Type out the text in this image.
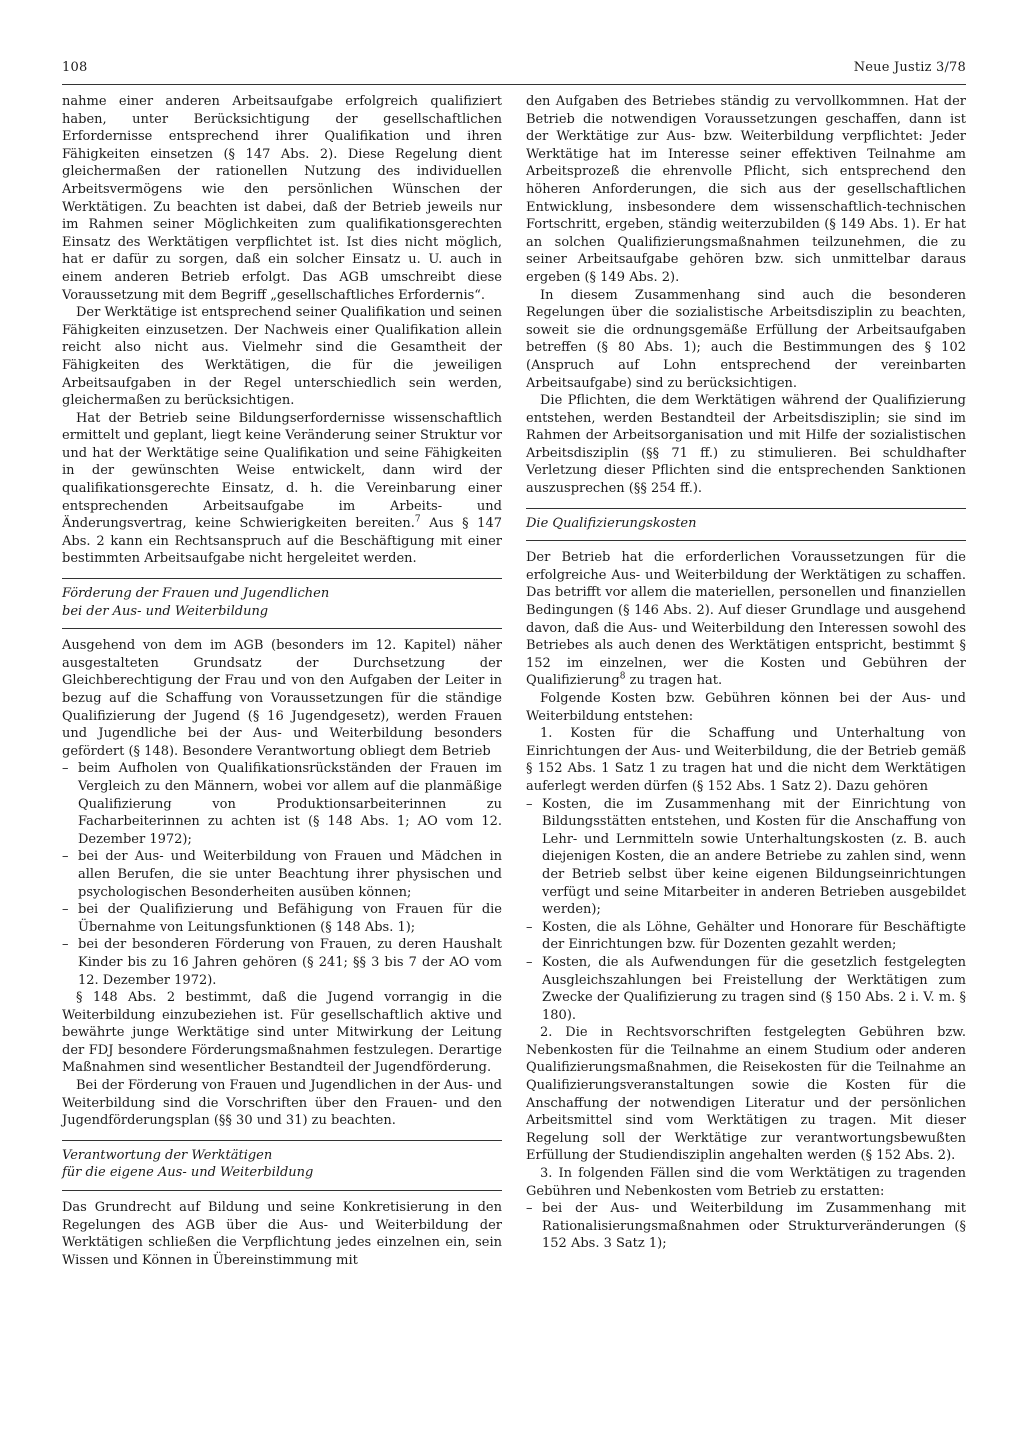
108	Neue Justiz 3/78

nahme einer anderen Arbeitsaufgabe erfolgreich qualifiziert haben, unter Berücksichtigung der gesellschaftlichen Erfordernisse entsprechend ihrer Qualifikation und ihren Fähigkeiten einsetzen (§ 147 Abs. 2). Diese Regelung dient gleichermaßen der rationellen Nutzung des individuellen Arbeitsvermögens wie den persönlichen Wünschen der Werktätigen. Zu beachten ist dabei, daß der Betrieb jeweils nur im Rahmen seiner Möglichkeiten zum qualifikationsgerechten Einsatz des Werktätigen verpflichtet ist. Ist dies nicht möglich, hat er dafür zu sorgen, daß ein solcher Einsatz u. U. auch in einem anderen Betrieb erfolgt. Das AGB umschreibt diese Voraussetzung mit dem Begriff „gesellschaftliches Erfordernis“.

Der Werktätige ist entsprechend seiner Qualifikation und seinen Fähigkeiten einzusetzen. Der Nachweis einer Qualifikation allein reicht also nicht aus. Vielmehr sind die Gesamtheit der Fähigkeiten des Werktätigen, die für die jeweiligen Arbeitsaufgaben in der Regel unterschiedlich sein werden, gleichermaßen zu berücksichtigen.

Hat der Betrieb seine Bildungserfordernisse wissenschaftlich ermittelt und geplant, liegt keine Veränderung seiner Struktur vor und hat der Werktätige seine Qualifikation und seine Fähigkeiten in der gewünschten Weise entwickelt, dann wird der qualifikationsgerechte Einsatz, d. h. die Vereinbarung einer entsprechenden Arbeitsaufgabe im Arbeits- und Änderungsvertrag, keine Schwierigkeiten bereiten.$^7$ Aus § 147 Abs. 2 kann ein Rechtsanspruch auf die Beschäftigung mit einer bestimmten Arbeitsaufgabe nicht hergeleitet werden.

Förderung der Frauen und Jugendlichen

bei der Aus- und Weiterbildung

Ausgehend von dem im AGB (besonders im 12. Kapitel) näher ausgestalteten Grundsatz der Durchsetzung der Gleichberechtigung der Frau und von den Aufgaben der Leiter in bezug auf die Schaffung von Voraussetzungen für die ständige Qualifizierung der Jugend (§ 16 Jugendgesetz), werden Frauen und Jugendliche bei der Aus- und Weiterbildung besonders gefördert (§ 148). Besondere Verantwortung obliegt dem Betrieb

– beim Aufholen von Qualifikationsrückständen der Frauen im Vergleich zu den Männern, wobei vor allem auf die planmäßige Qualifizierung von Produktionsarbeiterinnen zu Facharbeiterinnen zu achten ist (§ 148 Abs. 1; AO vom 12. Dezember 1972);
– bei der Aus- und Weiterbildung von Frauen und Mädchen in allen Berufen, die sie unter Beachtung ihrer physischen und psychologischen Besonderheiten ausüben können;
– bei der Qualifizierung und Befähigung von Frauen für die Übernahme von Leitungsfunktionen (§ 148 Abs. 1);
– bei der besonderen Förderung von Frauen, zu deren Haushalt Kinder bis zu 16 Jahren gehören (§ 241; §§ 3 bis 7 der AO vom 12. Dezember 1972).

§ 148 Abs. 2 bestimmt, daß die Jugend vorrangig in die Weiterbildung einzubeziehen ist. Für gesellschaftlich aktive und bewährte junge Werktätige sind unter Mitwirkung der Leitung der FDJ besondere Förderungsmaßnahmen festzulegen. Derartige Maßnahmen sind wesentlicher Bestandteil der Jugendförderung.

Bei der Förderung von Frauen und Jugendlichen in der Aus- und Weiterbildung sind die Vorschriften über den Frauen- und den Jugendförderungsplan (§§ 30 und 31) zu beachten.

Verantwortung der Werktätigen

für die eigene Aus- und Weiterbildung

Das Grundrecht auf Bildung und seine Konkretisierung in den Regelungen des AGB über die Aus- und Weiterbildung der Werktätigen schließen die Verpflichtung jedes einzelnen ein, sein Wissen und Können in Übereinstimmung mit

den Aufgaben des Betriebes ständig zu vervollkommnen. Hat der Betrieb die notwendigen Voraussetzungen geschaffen, dann ist der Werktätige zur Aus- bzw. Weiterbildung verpflichtet: Jeder Werktätige hat im Interesse seiner effektiven Teilnahme am Arbeitsprozeß die ehrenvolle Pflicht, sich entsprechend den höheren Anforderungen, die sich aus der gesellschaftlichen Entwicklung, insbesondere dem wissenschaftlich-technischen Fortschritt, ergeben, ständig weiterzubilden (§ 149 Abs. 1). Er hat an solchen Qualifizierungsmaßnahmen teilzunehmen, die zu seiner Arbeitsaufgabe gehören bzw. sich unmittelbar daraus ergeben (§ 149 Abs. 2).

In diesem Zusammenhang sind auch die besonderen Regelungen über die sozialistische Arbeitsdisziplin zu beachten, soweit sie die ordnungsgemäße Erfüllung der Arbeitsaufgaben betreffen (§ 80 Abs. 1); auch die Bestimmungen des § 102 (Anspruch auf Lohn entsprechend der vereinbarten Arbeitsaufgabe) sind zu berücksichtigen.

Die Pflichten, die dem Werktätigen während der Qualifizierung entstehen, werden Bestandteil der Arbeitsdisziplin; sie sind im Rahmen der Arbeitsorganisation und mit Hilfe der sozialistischen Arbeitsdisziplin (§§ 71 ff.) zu stimulieren. Bei schuldhafter Verletzung dieser Pflichten sind die entsprechenden Sanktionen auszusprechen (§§ 254 ff.).

Die Qualifizierungskosten

Der Betrieb hat die erforderlichen Voraussetzungen für die erfolgreiche Aus- und Weiterbildung der Werktätigen zu schaffen. Das betrifft vor allem die materiellen, personellen und finanziellen Bedingungen (§ 146 Abs. 2). Auf dieser Grundlage und ausgehend davon, daß die Aus- und Weiterbildung den Interessen sowohl des Betriebes als auch denen des Werktätigen entspricht, bestimmt § 152 im einzelnen, wer die Kosten und Gebühren der Qualifizierung$^8$ zu tragen hat.

Folgende Kosten bzw. Gebühren können bei der Aus- und Weiterbildung entstehen:

1. Kosten für die Schaffung und Unterhaltung von Einrichtungen der Aus- und Weiterbildung, die der Betrieb gemäß § 152 Abs. 1 Satz 1 zu tragen hat und die nicht dem Werktätigen auferlegt werden dürfen (§ 152 Abs. 1 Satz 2). Dazu gehören

– Kosten, die im Zusammenhang mit der Einrichtung von Bildungsstätten entstehen, und Kosten für die Anschaffung von Lehr- und Lernmitteln sowie Unterhaltungskosten (z. B. auch diejenigen Kosten, die an andere Betriebe zu zahlen sind, wenn der Betrieb selbst über keine eigenen Bildungseinrichtungen verfügt und seine Mitarbeiter in anderen Betrieben ausgebildet werden);
– Kosten, die als Löhne, Gehälter und Honorare für Beschäftigte der Einrichtungen bzw. für Dozenten gezahlt werden;
– Kosten, die als Aufwendungen für die gesetzlich festgelegten Ausgleichszahlungen bei Freistellung der Werktätigen zum Zwecke der Qualifizierung zu tragen sind (§ 150 Abs. 2 i. V. m. § 180).

2. Die in Rechtsvorschriften festgelegten Gebühren bzw. Nebenkosten für die Teilnahme an einem Studium oder anderen Qualifizierungsmaßnahmen, die Reisekosten für die Teilnahme an Qualifizierungsveranstaltungen sowie die Kosten für die Anschaffung der notwendigen Literatur und der persönlichen Arbeitsmittel sind vom Werktätigen zu tragen. Mit dieser Regelung soll der Werktätige zur verantwortungsbewußten Erfüllung der Studiendisziplin angehalten werden (§ 152 Abs. 2).

3. In folgenden Fällen sind die vom Werktätigen zu tragenden Gebühren und Nebenkosten vom Betrieb zu erstatten:

– bei der Aus- und Weiterbildung im Zusammenhang mit Rationalisierungsmaßnahmen oder Strukturveränderungen (§ 152 Abs. 3 Satz 1);
